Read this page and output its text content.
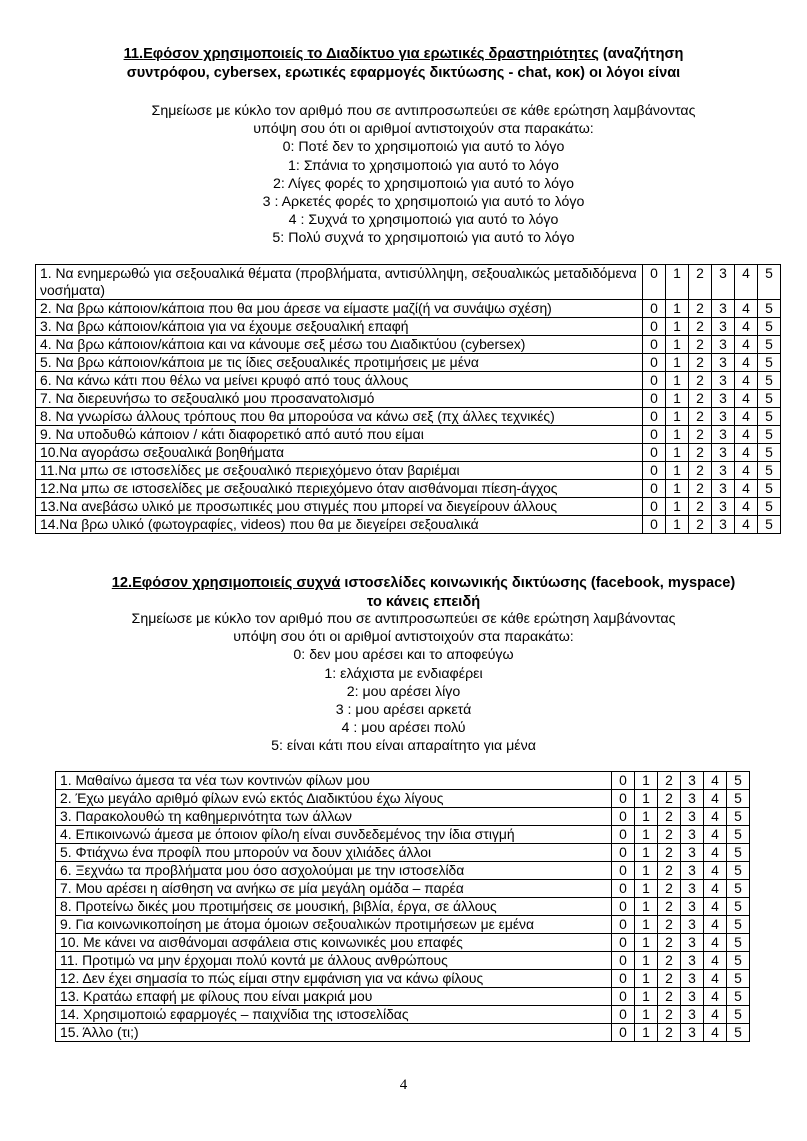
11.Εφόσον χρησιμοποιείς το Διαδίκτυο για ερωτικές δραστηριότητες (αναζήτηση
συντρόφου, cybersex, ερωτικές εφαρμογές δικτύωσης - chat, κοκ) οι λόγοι είναι
Σημείωσε με κύκλο τον αριθμό που σε αντιπροσωπεύει σε κάθε ερώτηση λαμβάνοντας
υπόψη σου ότι οι αριθμοί αντιστοιχούν στα παρακάτω:
0: Ποτέ δεν το χρησιμοποιώ για αυτό το λόγο
1: Σπάνια το χρησιμοποιώ για αυτό το λόγο
2: Λίγες φορές το χρησιμοποιώ για αυτό το λόγο
3 : Αρκετές φορές το χρησιμοποιώ για αυτό το λόγο
4 : Συχνά το χρησιμοποιώ για αυτό το λόγο
5: Πολύ συχνά το χρησιμοποιώ για αυτό το λόγο
1. Να ενημερωθώ για σεξουαλικά θέματα (προβλήματα, αντισύλληψη, σεξουαλικώς μεταδιδόμενα νοσήματα)	0	1	2	3	4	5
2. Να βρω κάποιον/κάποια που θα μου άρεσε να είμαστε μαζί(ή να συνάψω σχέση)	0	1	2	3	4	5
3. Να βρω κάποιον/κάποια για να έχουμε σεξουαλική επαφή	0	1	2	3	4	5
4. Να βρω κάποιον/κάποια και να κάνουμε σεξ μέσω του Διαδικτύου (cybersex)	0	1	2	3	4	5
5. Να βρω κάποιον/κάποια με τις ίδιες σεξουαλικές προτιμήσεις με μένα	0	1	2	3	4	5
6. Να κάνω κάτι που θέλω να μείνει κρυφό από τους άλλους	0	1	2	3	4	5
7. Να διερευνήσω το σεξουαλικό μου προσανατολισμό	0	1	2	3	4	5
8. Να γνωρίσω άλλους τρόπους που θα μπορούσα να κάνω σεξ (πχ άλλες τεχνικές)	0	1	2	3	4	5
9. Να υποδυθώ κάποιον / κάτι διαφορετικό από αυτό που είμαι	0	1	2	3	4	5
10.Να αγοράσω σεξουαλικά βοηθήματα	0	1	2	3	4	5
11.Να μπω σε ιστοσελίδες με σεξουαλικό περιεχόμενο όταν βαριέμαι	0	1	2	3	4	5
12.Να μπω σε ιστοσελίδες με σεξουαλικό περιεχόμενο όταν αισθάνομαι πίεση-άγχος	0	1	2	3	4	5
13.Να ανεβάσω υλικό με προσωπικές μου στιγμές που μπορεί να διεγείρουν άλλους	0	1	2	3	4	5
14.Να βρω υλικό (φωτογραφίες, videos) που θα με διεγείρει σεξουαλικά	0	1	2	3	4	5
12.Εφόσον χρησιμοποιείς συχνά ιστοσελίδες κοινωνικής δικτύωσης (facebook, myspace)
το κάνεις επειδή
Σημείωσε με κύκλο τον αριθμό που σε αντιπροσωπεύει σε κάθε ερώτηση λαμβάνοντας
υπόψη σου ότι οι αριθμοί αντιστοιχούν στα παρακάτω:
0: δεν μου αρέσει και το αποφεύγω
1: ελάχιστα με ενδιαφέρει
2: μου αρέσει λίγο
3 : μου αρέσει αρκετά
4 : μου αρέσει πολύ
5: είναι κάτι που είναι απαραίτητο για μένα
1. Μαθαίνω άμεσα τα νέα των κοντινών φίλων μου	0	1	2	3	4	5
2. Έχω μεγάλο αριθμό φίλων ενώ εκτός Διαδικτύου έχω λίγους	0	1	2	3	4	5
3. Παρακολουθώ τη καθημερινότητα των άλλων	0	1	2	3	4	5
4. Επικοινωνώ άμεσα με όποιον φίλο/η είναι συνδεδεμένος την ίδια στιγμή	0	1	2	3	4	5
5. Φτιάχνω ένα προφίλ που μπορούν να δουν χιλιάδες άλλοι	0	1	2	3	4	5
6. Ξεχνάω τα προβλήματα μου όσο ασχολούμαι με την ιστοσελίδα	0	1	2	3	4	5
7. Μου αρέσει η αίσθηση να ανήκω σε μία μεγάλη ομάδα – παρέα	0	1	2	3	4	5
8. Προτείνω δικές μου προτιμήσεις σε μουσική, βιβλία, έργα, σε άλλους	0	1	2	3	4	5
9. Για κοινωνικοποίηση με άτομα όμοιων σεξουαλικών προτιμήσεων με εμένα	0	1	2	3	4	5
10. Με κάνει να αισθάνομαι ασφάλεια στις κοινωνικές μου επαφές	0	1	2	3	4	5
11. Προτιμώ να μην έρχομαι πολύ κοντά με άλλους ανθρώπους	0	1	2	3	4	5
12. Δεν έχει σημασία το πώς είμαι στην εμφάνιση για να κάνω φίλους	0	1	2	3	4	5
13. Κρατάω επαφή με φίλους που είναι μακριά μου	0	1	2	3	4	5
14. Χρησιμοποιώ εφαρμογές – παιχνίδια της ιστοσελίδας	0	1	2	3	4	5
15. Άλλο (τι;)	0	1	2	3	4	5
4
